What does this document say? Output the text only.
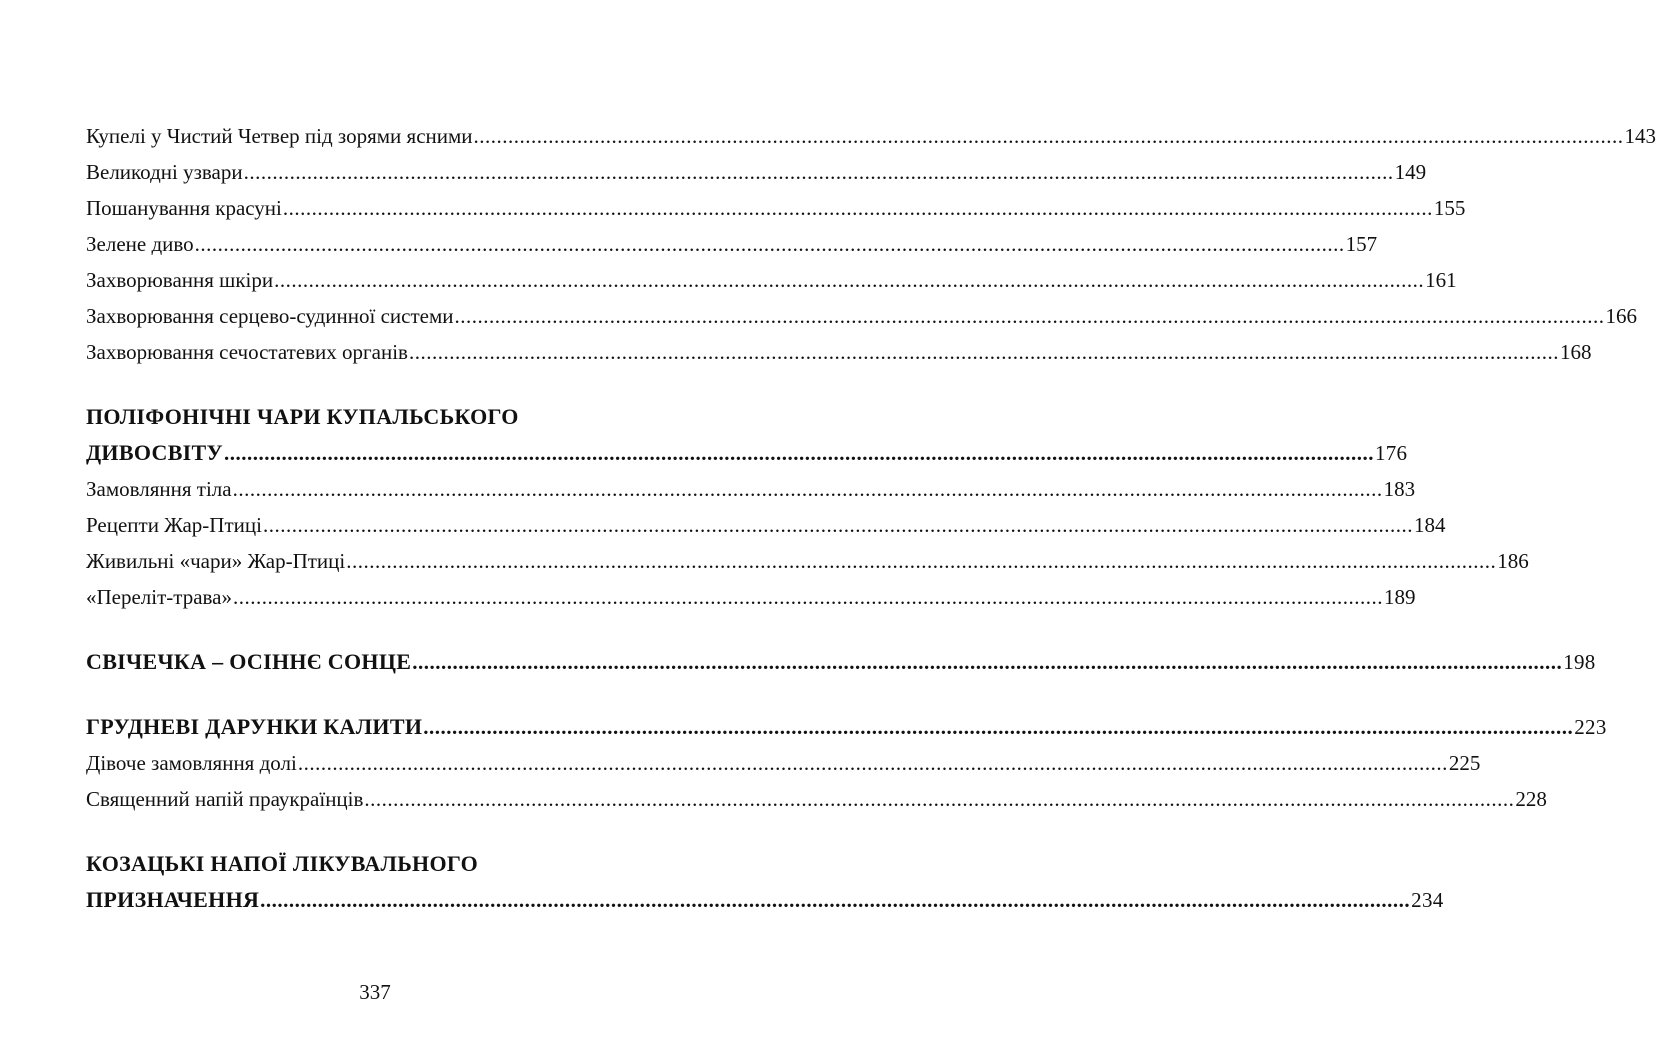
Купелі у Чистий Четвер під зорями ясними ........................................................................................................................................................................................................ 143
Великодні узвари ........................................................................................................................................................................................................ 149
Пошанування красуні ........................................................................................................................................................................................................ 155
Зелене диво ........................................................................................................................................................................................................ 157
Захворювання шкіри ........................................................................................................................................................................................................ 161
Захворювання серцево-судинної системи ........................................................................................................................................................................................................ 166
Захворювання сечостатевих органів ........................................................................................................................................................................................................ 168
ПОЛІФОНІЧНІ ЧАРИ КУПАЛЬСЬКОГО
ДИВОСВІТУ ........................................................................................................................................................................................................ 176
Замовляння тіла ........................................................................................................................................................................................................ 183
Рецепти Жар-Птиці ........................................................................................................................................................................................................ 184
Живильні «чари» Жар-Птиці ........................................................................................................................................................................................................ 186
«Переліт-трава» ........................................................................................................................................................................................................ 189
СВІЧЕЧКА – ОСІННЄ СОНЦЕ ........................................................................................................................................................................................................ 198
ГРУДНЕВІ ДАРУНКИ КАЛИТИ ........................................................................................................................................................................................................ 223
Дівоче замовляння долі ........................................................................................................................................................................................................ 225
Священний напій праукраїнців ........................................................................................................................................................................................................ 228
КОЗАЦЬКІ НАПОЇ ЛІКУВАЛЬНОГО
ПРИЗНАЧЕННЯ ........................................................................................................................................................................................................ 234
337
